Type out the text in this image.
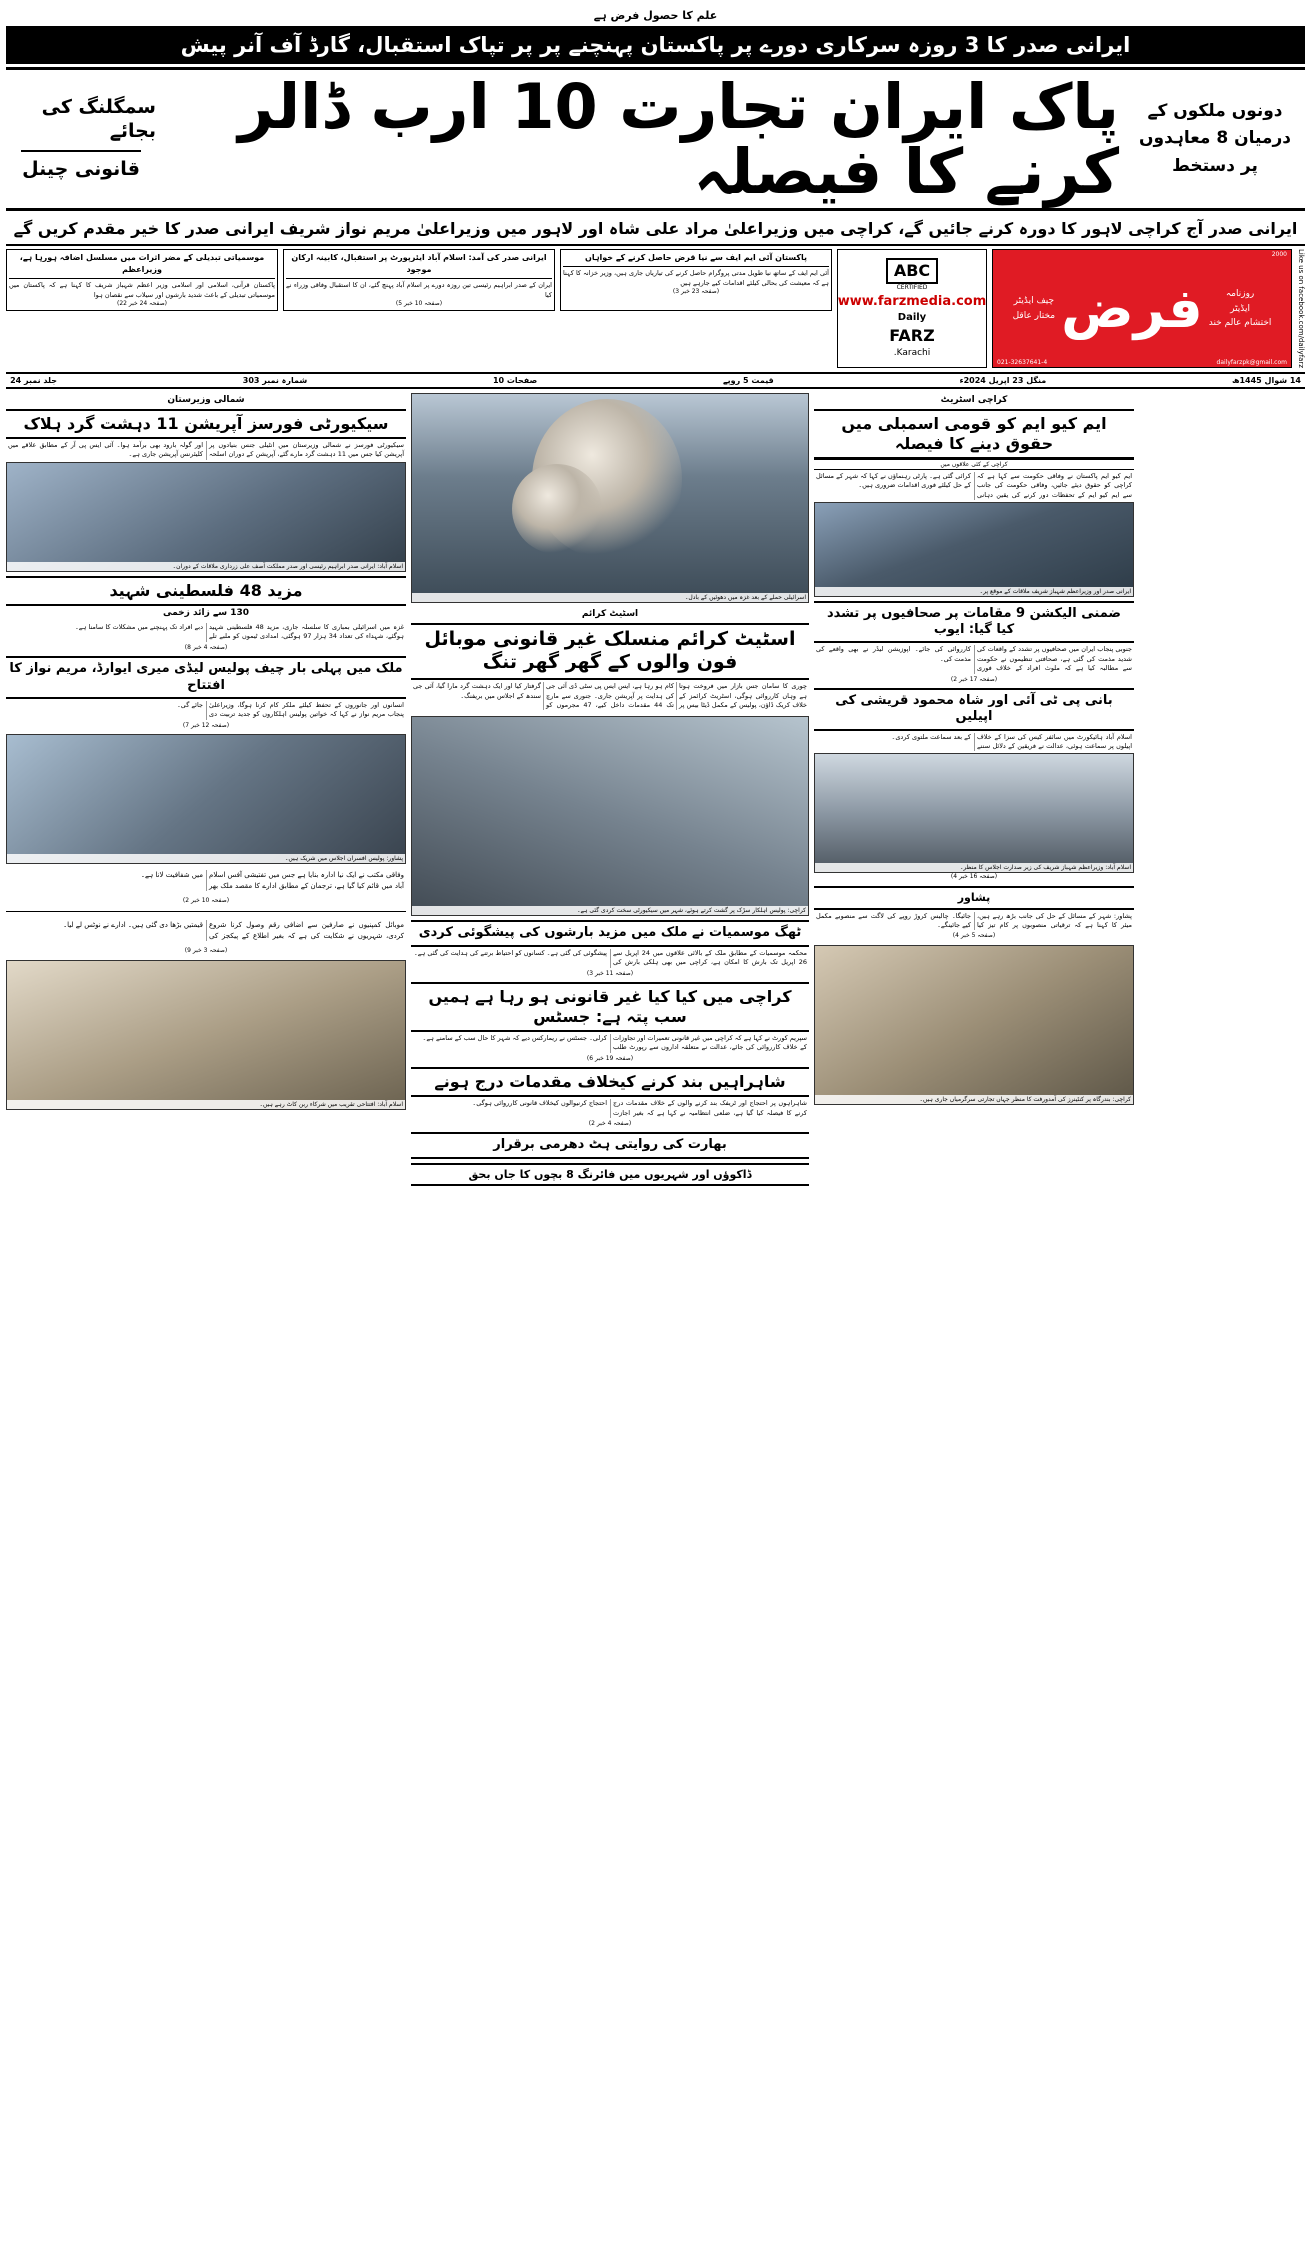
علم کا حصول فرض ہے
ایرانی صدر کا 3 روزہ سرکاری دورے پر پاکستان پہنچنے پر پر تپاک استقبال، گارڈ آف آنر پیش
سمگلنگ کی بجائے
قانونی چینل
پاک ایران تجارت 10 ارب ڈالر کرنے کا فیصلہ
دونوں ملکوں کے
درمیان 8 معاہدوں
پر دستخط
ایرانی صدر آج کراچی لاہور کا دورہ کرنے جائیں گے، کراچی میں وزیراعلیٰ مراد علی شاہ اور لاہور میں وزیراعلیٰ مریم نواز شریف ایرانی صدر کا خیر مقدم کریں گے
موسمیاتی تبدیلی کے مضر اثرات میں مسلسل اضافہ ہورہا ہے، وزیراعظم
پاکستان قرآنی، اسلامی اور اسلامی وزیر اعظم شہباز شریف کا کہنا ہے کہ پاکستان میں موسمیاتی تبدیلی کے باعث شدید بارشوں اور سیلاب سے نقصان ہوا
(صفحہ 24 خبر 22)
ایرانی صدر کی آمد: اسلام آباد ایئرپورٹ پر استقبال، کابینہ ارکان موجود
ایران کے صدر ابراہیم رئیسی تین روزہ دورے پر اسلام آباد پہنچ گئے، ان کا استقبال وفاقی وزراء نے کیا
(صفحہ 10 خبر 5)
پاکستان آئی ایم ایف سے نیا قرض حاصل کرنے کے خواہاں
آئی ایم ایف کے ساتھ نیا طویل مدتی پروگرام حاصل کرنے کی تیاریاں جاری ہیں، وزیر خزانہ کا کہنا ہے کہ معیشت کی بحالی کیلئے اقدامات کیے جارہے ہیں
(صفحہ 23 خبر 3)
ABC
CERTIFIED
www.farzmedia.com
Daily
FARZ
Karachi.
چیف ایڈیٹر
مختار عاقل فرض	روزنامہ
ایڈیٹر
اختشام عالم خند
dailyfarzpk@gmail.com
021-32637641-4
2000 Like us on facebook.com/dailyfarz
جلد نمبر 24	شمارہ نمبر 303	صفحات 10	قیمت 5 روپے	منگل 23 اپریل 2024ء	14 شوال 1445ھ
شمالی وزیرستان
سیکیورٹی فورسز آپریشن 11 دہشت گرد ہلاک
سیکیورٹی فورسز نے شمالی وزیرستان میں انٹیلی جنس بنیادوں پر آپریشن کیا جس میں 11 دہشت گرد مارے گئے، آپریشن کے دوران اسلحہ اور گولہ بارود بھی برآمد ہوا۔ آئی ایس پی آر کے مطابق علاقے میں کلیئرنس آپریشن جاری ہے۔
اسلام آباد: ایرانی صدر ابراہیم رئیسی اور صدر مملکت آصف علی زرداری ملاقات کے دوران۔
مزید 48 فلسطینی شہید
130 سے زائد زخمی
غزہ میں اسرائیلی بمباری کا سلسلہ جاری، مزید 48 فلسطینی شہید ہوگئے، شہداء کی تعداد 34 ہزار 97 ہوگئی، امدادی ٹیموں کو ملبے تلے دبے افراد تک پہنچنے میں مشکلات کا سامنا ہے۔
(صفحہ 4 خبر 8)
ملک میں پہلی بار چیف پولیس لیڈی میری ایوارڈ، مریم نواز کا افتتاح
انسانوں اور جانوروں کے تحفظ کیلئے ملکر کام کرنا ہوگا، وزیراعلیٰ پنجاب مریم نواز نے کہا کہ خواتین پولیس اہلکاروں کو جدید تربیت دی جائے گی۔
(صفحہ 12 خبر 7)
پشاور: پولیس افسران اجلاس میں شریک ہیں۔
وفاقی مکتب نے ایک نیا ادارہ بنایا ہے جس میں تفتیشی آفس اسلام آباد میں قائم کیا گیا ہے، ترجمان کے مطابق ادارے کا مقصد ملک بھر میں شفافیت لانا ہے۔
(صفحہ 10 خبر 2)
موبائل کمپنیوں نے صارفین سے اضافی رقم وصول کرنا شروع کردی، شہریوں نے شکایت کی ہے کہ بغیر اطلاع کے پیکجز کی قیمتیں بڑھا دی گئی ہیں۔ ادارے نے نوٹس لے لیا۔
(صفحہ 3 خبر 9)
اسلام آباد: افتتاحی تقریب میں شرکاء ربن کاٹ رہے ہیں۔
اسرائیلی حملے کے بعد غزہ میں دھوئیں کے بادل۔
اسٹیٹ کرائم
اسٹیٹ کرائم منسلک غیر قانونی موبائل فون والوں کے گھر گھر تنگ
چوری کا سامان جس بازار میں فروخت ہوتا ہے وہاں کارروائی ہوگی، اسٹریٹ کرائمز کے خلاف کریک ڈاؤن، پولیس کے مکمل ڈیٹا بیس پر کام ہو رہا ہے، ایس ایس پی سٹی ڈی آئی جی کی ہدایت پر آپریشن جاری۔ جنوری سے مارچ تک 44 مقدمات داخل کیے، 47 مجرموں کو گرفتار کیا اور ایک دہشت گرد مارا گیا، آئی جی سندھ کے اجلاس میں بریفنگ۔
کراچی: پولیس اہلکار سڑک پر گشت کرتے ہوئے، شہر میں سیکیورٹی سخت کردی گئی ہے۔
ٹھگ موسمیات نے ملک میں مزید بارشوں کی پیشگوئی کردی
محکمہ موسمیات کے مطابق ملک کے بالائی علاقوں میں 24 اپریل سے 26 اپریل تک بارش کا امکان ہے، کراچی میں بھی ہلکی بارش کی پیشگوئی کی گئی ہے۔ کسانوں کو احتیاط برتنے کی ہدایت کی گئی ہے۔
(صفحہ 11 خبر 3)
کراچی میں کیا کیا غیر قانونی ہو رہا ہے ہمیں سب پتہ ہے: جسٹس
سپریم کورٹ نے کہا ہے کہ کراچی میں غیر قانونی تعمیرات اور تجاوزات کے خلاف کارروائی کی جائے، عدالت نے متعلقہ اداروں سے رپورٹ طلب کرلی۔ جسٹس نے ریمارکس دیے کہ شہر کا حال سب کے سامنے ہے۔
(صفحہ 19 خبر 6)
شاہراہیں بند کرنے کیخلاف مقدمات درج ہونے
شاہراہوں پر احتجاج اور ٹریفک بند کرنے والوں کے خلاف مقدمات درج کرنے کا فیصلہ کیا گیا ہے، ضلعی انتظامیہ نے کہا ہے کہ بغیر اجازت احتجاج کرنیوالوں کیخلاف قانونی کارروائی ہوگی۔
(صفحہ 4 خبر 2)
بھارت کی روایتی ہٹ دھرمی برقرار
ڈاکوؤں اور شہریوں میں فائرنگ 8 بچوں کا جاں بحق
کراچی اسٹریٹ
ایم کیو ایم کو قومی اسمبلی میں حقوق دینے کا فیصلہ
کراچی کے کئی علاقوں میں
ایم کیو ایم پاکستان نے وفاقی حکومت سے کہا ہے کہ کراچی کو حقوق دیئے جائیں، وفاقی حکومت کی جانب سے ایم کیو ایم کے تحفظات دور کرنے کی یقین دہانی کرائی گئی ہے۔ پارٹی رہنماؤں نے کہا کہ شہر کے مسائل کے حل کیلئے فوری اقدامات ضروری ہیں۔
ایرانی صدر اور وزیراعظم شہباز شریف ملاقات کے موقع پر۔
ضمنی الیکشن 9 مقامات پر صحافیوں پر تشدد کیا گیا: ایوب
جنوبی پنجاب ایران میں صحافیوں پر تشدد کے واقعات کی شدید مذمت کی گئی ہے، صحافتی تنظیموں نے حکومت سے مطالبہ کیا ہے کہ ملوث افراد کے خلاف فوری کارروائی کی جائے۔ اپوزیشن لیڈر نے بھی واقعے کی مذمت کی۔
(صفحہ 17 خبر 2)
بانی پی ٹی آئی اور شاہ محمود قریشی کی اپیلیں
اسلام آباد ہائیکورٹ میں سائفر کیس کی سزا کے خلاف اپیلوں پر سماعت ہوئی، عدالت نے فریقین کے دلائل سننے کے بعد سماعت ملتوی کردی۔
اسلام آباد: وزیراعظم شہباز شریف کی زیر صدارت اجلاس کا منظر۔
(صفحہ 16 خبر 4)
پشاور
پشاور: شہر کے مسائل کے حل کی جانب بڑھ رہے ہیں، میئر کا کہنا ہے کہ ترقیاتی منصوبوں پر کام تیز کیا جائیگا۔ چالیس کروڑ روپے کی لاگت سے منصوبے مکمل کیے جائینگے۔
(صفحہ 5 خبر 4)
کراچی: بندرگاہ پر کنٹینرز کی آمدورفت کا منظر جہاں تجارتی سرگرمیاں جاری ہیں۔
